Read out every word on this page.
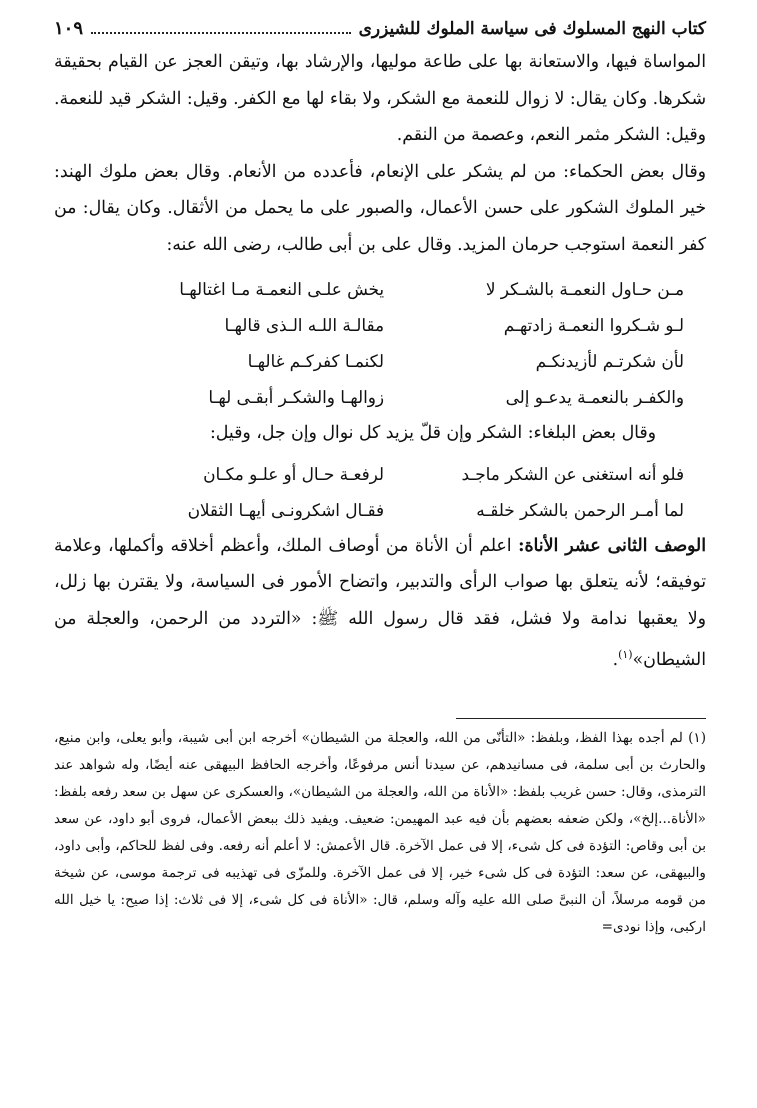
كتاب النهج المسلوك فى سياسة الملوك للشيزرى
١٠٩

المواساة فيها، والاستعانة بها على طاعة موليها، والإرشاد بها، وتيقن العجز عن القيام بحقيقة شكرها. وكان يقال: لا زوال للنعمة مع الشكر، ولا بقاء لها مع الكفر. وقيل: الشكر قيد للنعمة. وقيل: الشكر مثمر النعم، وعصمة من النقم.

وقال بعض الحكماء: من لم يشكر على الإنعام، فأعدده من الأنعام. وقال بعض ملوك الهند: خير الملوك الشكور على حسن الأعمال، والصبور على ما يحمل من الأثقال. وكان يقال: من كفر النعمة استوجب حرمان المزيد. وقال على بن أبى طالب، رضى الله عنه:

مـن حـاول النعمـة بالشـكر لا
يخش علـى النعمـة مـا اغتالهـا
لـو شـكروا النعمـة زادتهـم
مقالـة اللـه الـذى قالهـا
لأن شكرتـم لأزيدنكـم
لكنمـا كفركـم غالهـا
والكفـر بالنعمـة يدعـو إلى
زوالهـا والشكـر أبقـى لهـا

وقال بعض البلغاء: الشكر وإن قلّ يزيد كل نوال وإن جل، وقيل:

فلو أنه استغنى عن الشكر ماجـد
لرفعـة حـال أو علـو مكـان
لما أمـر الرحمن بالشكر خلقـه
فقـال اشكرونـى أيهـا الثقلان

الوصف الثانى عشر الأناة: اعلم أن الأناة من أوصاف الملك، وأعظم أخلاقه وأكملها، وعلامة توفيقه؛ لأنه يتعلق بها صواب الرأى والتدبير، واتضاح الأمور فى السياسة، ولا يقترن بها زلل، ولا يعقبها ندامة ولا فشل، فقد قال رسول الله ﷺ: «التردد من الرحمن، والعجلة من الشيطان»$^{(١)}$.

(١) لم أجده بهذا الفظ، وبلفظ: «التأنّى من الله، والعجلة من الشيطان» أخرجه ابن أبى شيبة، وأبو يعلى، وابن منيع، والحارث بن أبى سلمة، فى مسانيدهم، عن سيدنا أنس مرفوعًا، وأخرجه الحافظ البيهقى عنه أيضًا، وله شواهد عند الترمذى، وقال: حسن غريب بلفظ: «الأناة من الله، والعجلة من الشيطان»، والعسكرى عن سهل بن سعد رفعه بلفظ: «الأناة...إلخ»، ولكن ضعفه بعضهم بأن فيه عبد المهيمن: ضعيف. ويفيد ذلك ببعض الأعمال، فروى أبو داود، عن سعد بن أبى وقاص: التؤدة فى كل شىء، إلا فى عمل الآخرة. قال الأعمش: لا أعلم أنه رفعه. وفى لفظ للحاكم، وأبى داود، والبيهقى، عن سعد: التؤدة فى كل شىء خير، إلا فى عمل الآخرة. وللمزّى فى تهذيبه فى ترجمة موسى، عن شيخة من قومه مرسلاً، أن النبىَّ صلى الله عليه وآله وسلم، قال: «الأناة فى كل شىء، إلا فى ثلاث: إذا صيح: يا خيل الله اركبى، وإذا نودى=
